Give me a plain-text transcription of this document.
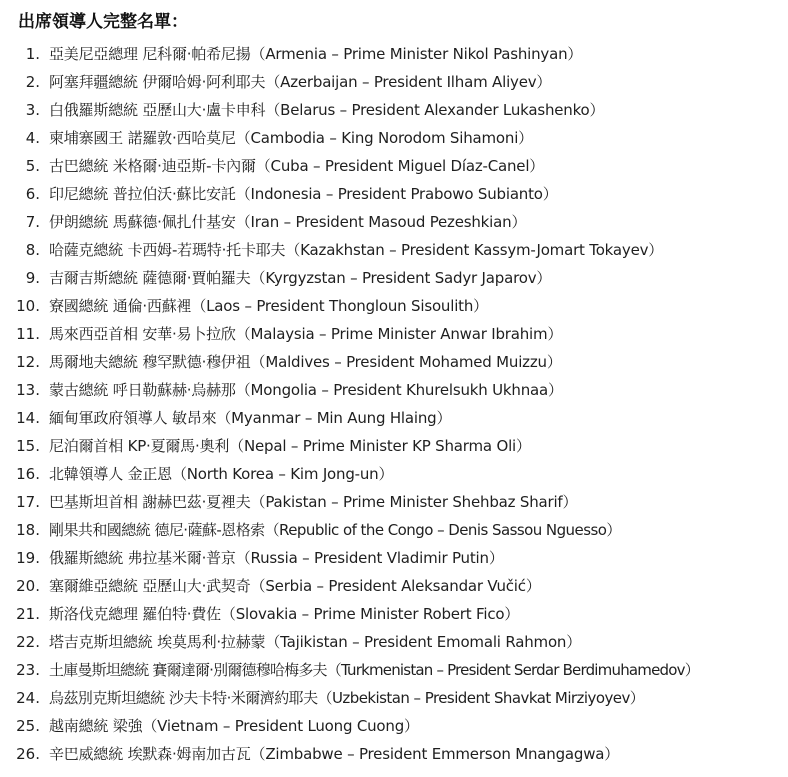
出席領導人完整名單：
1. 亞美尼亞總理 尼科爾·帕希尼揚（Armenia – Prime Minister Nikol Pashinyan）
2. 阿塞拜疆總統 伊爾哈姆·阿利耶夫（Azerbaijan – President Ilham Aliyev）
3. 白俄羅斯總統 亞歷山大·盧卡申科（Belarus – President Alexander Lukashenko）
4. 柬埔寨國王 諾羅敦·西哈莫尼（Cambodia – King Norodom Sihamoni）
5. 古巴總統 米格爾·迪亞斯-卡內爾（Cuba – President Miguel Díaz-Canel）
6. 印尼總統 普拉伯沃·蘇比安託（Indonesia – President Prabowo Subianto）
7. 伊朗總統 馬蘇德·佩扎什基安（Iran – President Masoud Pezeshkian）
8. 哈薩克總統 卡西姆-若瑪特·托卡耶夫（Kazakhstan – President Kassym-Jomart Tokayev）
9. 吉爾吉斯總統 薩德爾·賈帕羅夫（Kyrgyzstan – President Sadyr Japarov）
10. 寮國總統 通倫·西蘇裡（Laos – President Thongloun Sisoulith）
11. 馬來西亞首相 安華·易卜拉欣（Malaysia – Prime Minister Anwar Ibrahim）
12. 馬爾地夫總統 穆罕默德·穆伊祖（Maldives – President Mohamed Muizzu）
13. 蒙古總統 呼日勒蘇赫·烏赫那（Mongolia – President Khurelsukh Ukhnaa）
14. 緬甸軍政府領導人 敏昂來（Myanmar – Min Aung Hlaing）
15. 尼泊爾首相 KP·夏爾馬·奧利（Nepal – Prime Minister KP Sharma Oli）
16. 北韓領導人 金正恩（North Korea – Kim Jong-un）
17. 巴基斯坦首相 謝赫巴茲·夏裡夫（Pakistan – Prime Minister Shehbaz Sharif）
18. 剛果共和國總統 德尼·薩蘇-恩格索（Republic of the Congo – Denis Sassou Nguesso）
19. 俄羅斯總統 弗拉基米爾·普京（Russia – President Vladimir Putin）
20. 塞爾維亞總統 亞歷山大·武契奇（Serbia – President Aleksandar Vučić）
21. 斯洛伐克總理 羅伯特·費佐（Slovakia – Prime Minister Robert Fico）
22. 塔吉克斯坦總統 埃莫馬利·拉赫蒙（Tajikistan – President Emomali Rahmon）
23. 土庫曼斯坦總統 賽爾達爾·別爾德穆哈梅多夫（Turkmenistan – President Serdar Berdimuhamedov）
24. 烏茲別克斯坦總統 沙夫卡特·米爾濟約耶夫（Uzbekistan – President Shavkat Mirziyoyev）
25. 越南總統 梁強（Vietnam – President Luong Cuong）
26. 辛巴威總統 埃默森·姆南加古瓦（Zimbabwe – President Emmerson Mnangagwa）
